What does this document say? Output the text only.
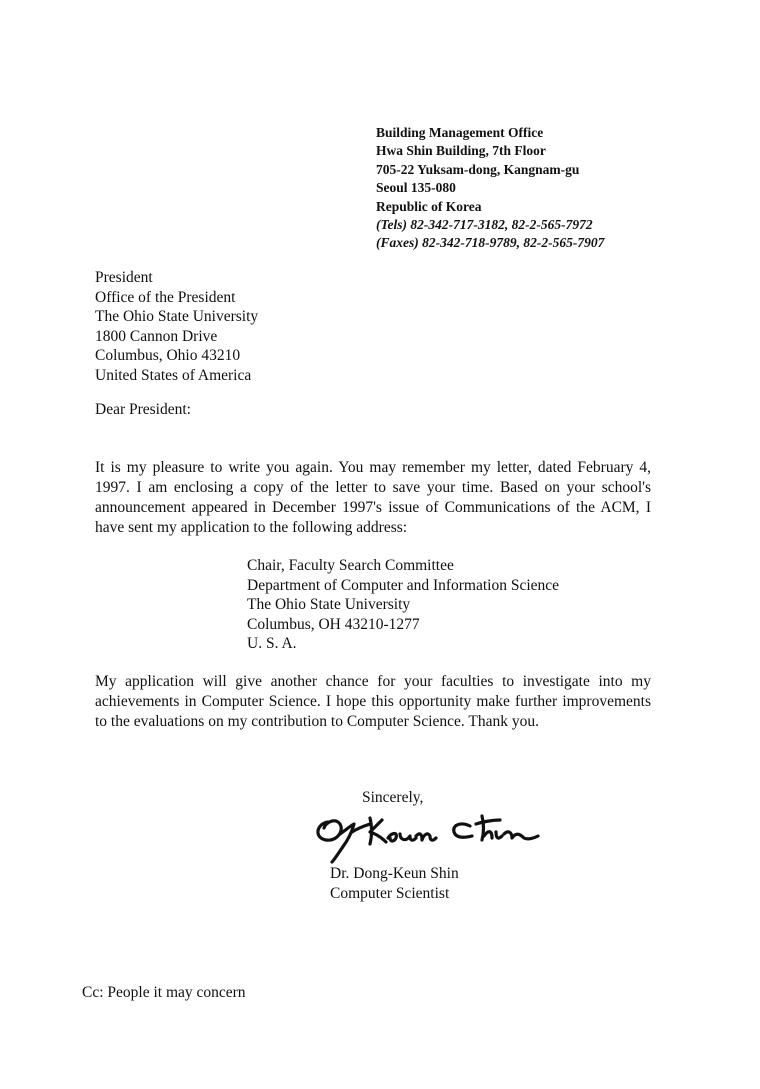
Building Management Office
Hwa Shin Building, 7th Floor
705-22 Yuksam-dong, Kangnam-gu
Seoul 135-080
Republic of Korea
(Tels) 82-342-717-3182, 82-2-565-7972
(Faxes) 82-342-718-9789, 82-2-565-7907
President
Office of the President
The Ohio State University
1800 Cannon Drive
Columbus, Ohio 43210
United States of America
Dear President:
It is my pleasure to write you again. You may remember my letter, dated February 4, 1997. I am enclosing a copy of the letter to save your time. Based on your school's announcement appeared in December 1997's issue of Communications of the ACM, I have sent my application to the following address:
Chair, Faculty Search Committee
Department of Computer and Information Science
The Ohio State University
Columbus, OH 43210-1277
U. S. A.
My application will give another chance for your faculties to investigate into my achievements in Computer Science. I hope this opportunity make further improvements to the evaluations on my contribution to Computer Science. Thank you.
Sincerely,
Dr. Dong-Keun Shin
Computer Scientist
Cc: People it may concern
